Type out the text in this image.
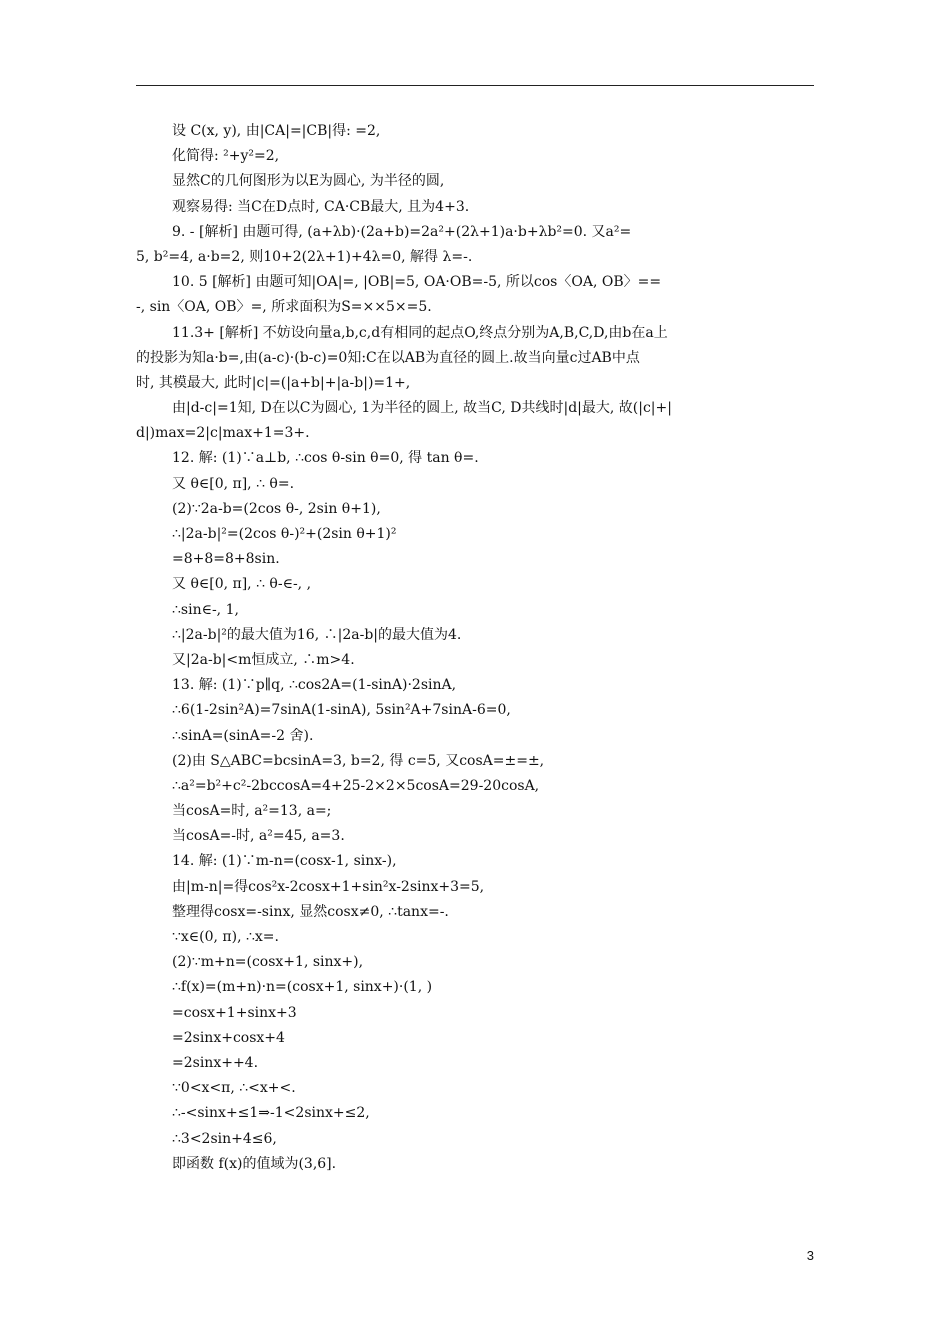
设 C(x, y), 由|CA|=|CB|得: =2,
化简得: ²+y²=2,
显然C的几何图形为以E为圆心, 为半径的圆,
观察易得: 当C在D点时, CA·CB最大, 且为4+3.
9. - [解析] 由题可得, (a+λb)·(2a+b)=2a²+(2λ+1)a·b+λb²=0. 又a²=
5, b²=4, a·b=2, 则10+2(2λ+1)+4λ=0, 解得 λ=-.
10. 5 [解析] 由题可知|OA|=, |OB|=5, OA·OB=-5, 所以cos〈OA, OB〉==
-, sin〈OA, OB〉=, 所求面积为S=××5×=5.
11.3+ [解析] 不妨设向量a,b,c,d有相同的起点O,终点分别为A,B,C,D,由b在a上
的投影为知a·b=,由(a-c)·(b-c)=0知:C在以AB为直径的圆上.故当向量c过AB中点
时, 其模最大, 此时|c|=(|a+b|+|a-b|)=1+,
由|d-c|=1知, D在以C为圆心, 1为半径的圆上, 故当C, D共线时|d|最大, 故(|c|+|
d|)max=2|c|max+1=3+.
12. 解: (1)∵a⊥b, ∴cos θ-sin θ=0, 得 tan θ=.
又 θ∈[0, π], ∴ θ=.
(2)∵2a-b=(2cos θ-, 2sin θ+1),
∴|2a-b|²=(2cos θ-)²+(2sin θ+1)²
=8+8=8+8sin.
又 θ∈[0, π], ∴ θ-∈-, ,
∴sin∈-, 1,
∴|2a-b|²的最大值为16, ∴|2a-b|的最大值为4.
又|2a-b|<m恒成立, ∴m>4.
13. 解: (1)∵p∥q, ∴cos2A=(1-sinA)·2sinA,
∴6(1-2sin²A)=7sinA(1-sinA), 5sin²A+7sinA-6=0,
∴sinA=(sinA=-2 舍).
(2)由 S△ABC=bcsinA=3, b=2, 得 c=5, 又cosA=±=±,
∴a²=b²+c²-2bccosA=4+25-2×2×5cosA=29-20cosA,
当cosA=时, a²=13, a=;
当cosA=-时, a²=45, a=3.
14. 解: (1)∵m-n=(cosx-1, sinx-),
由|m-n|=得cos²x-2cosx+1+sin²x-2sinx+3=5,
整理得cosx=-sinx, 显然cosx≠0, ∴tanx=-.
∵x∈(0, π), ∴x=.
(2)∵m+n=(cosx+1, sinx+),
∴f(x)=(m+n)·n=(cosx+1, sinx+)·(1, )
=cosx+1+sinx+3
=2sinx+cosx+4
=2sinx++4.
∵0<x<π, ∴<x+<.
∴-<sinx+≤1⇒-1<2sinx+≤2,
∴3<2sin+4≤6,
即函数 f(x)的值域为(3,6].
3
